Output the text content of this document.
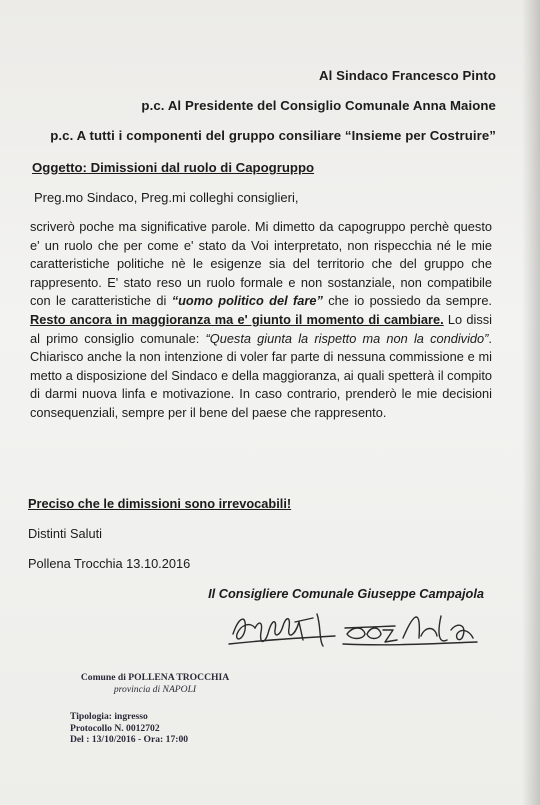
Al Sindaco Francesco Pinto
p.c. Al Presidente del Consiglio Comunale Anna Maione
p.c. A tutti i componenti del gruppo consiliare “Insieme per Costruire”
Oggetto: Dimissioni dal ruolo di Capogruppo
Preg.mo Sindaco, Preg.mi colleghi consiglieri,

scriverò poche ma significative parole. Mi dimetto da capogruppo perchè questo e' un ruolo che per come e' stato da Voi interpretato, non rispecchia né le mie caratteristiche politiche nè le esigenze sia del territorio che del gruppo che rappresento. E' stato reso un ruolo formale e non sostanziale, non compatibile con le caratteristiche di “uomo politico del fare” che io possiedo da sempre. Resto ancora in maggioranza ma e' giunto il momento di cambiare. Lo dissi al primo consiglio comunale: “Questa giunta la rispetto ma non la condivido”. Chiarisco anche la non intenzione di voler far parte di nessuna commissione e mi metto a disposizione del Sindaco e della maggioranza, ai quali spetterà il compito di darmi nuova linfa e motivazione. In caso contrario, prenderò le mie decisioni consequenziali, sempre per il bene del paese che rappresento.

Preciso che le dimissioni sono irrevocabili!
Distinti Saluti
Pollena Trocchia 13.10.2016
Il Consigliere Comunale Giuseppe Campajola
Comune di POLLENA TROCCHIA
provincia di NAPOLI
Tipologia: ingresso
Protocollo N. 0012702
Del : 13/10/2016 - Ora: 17:00
